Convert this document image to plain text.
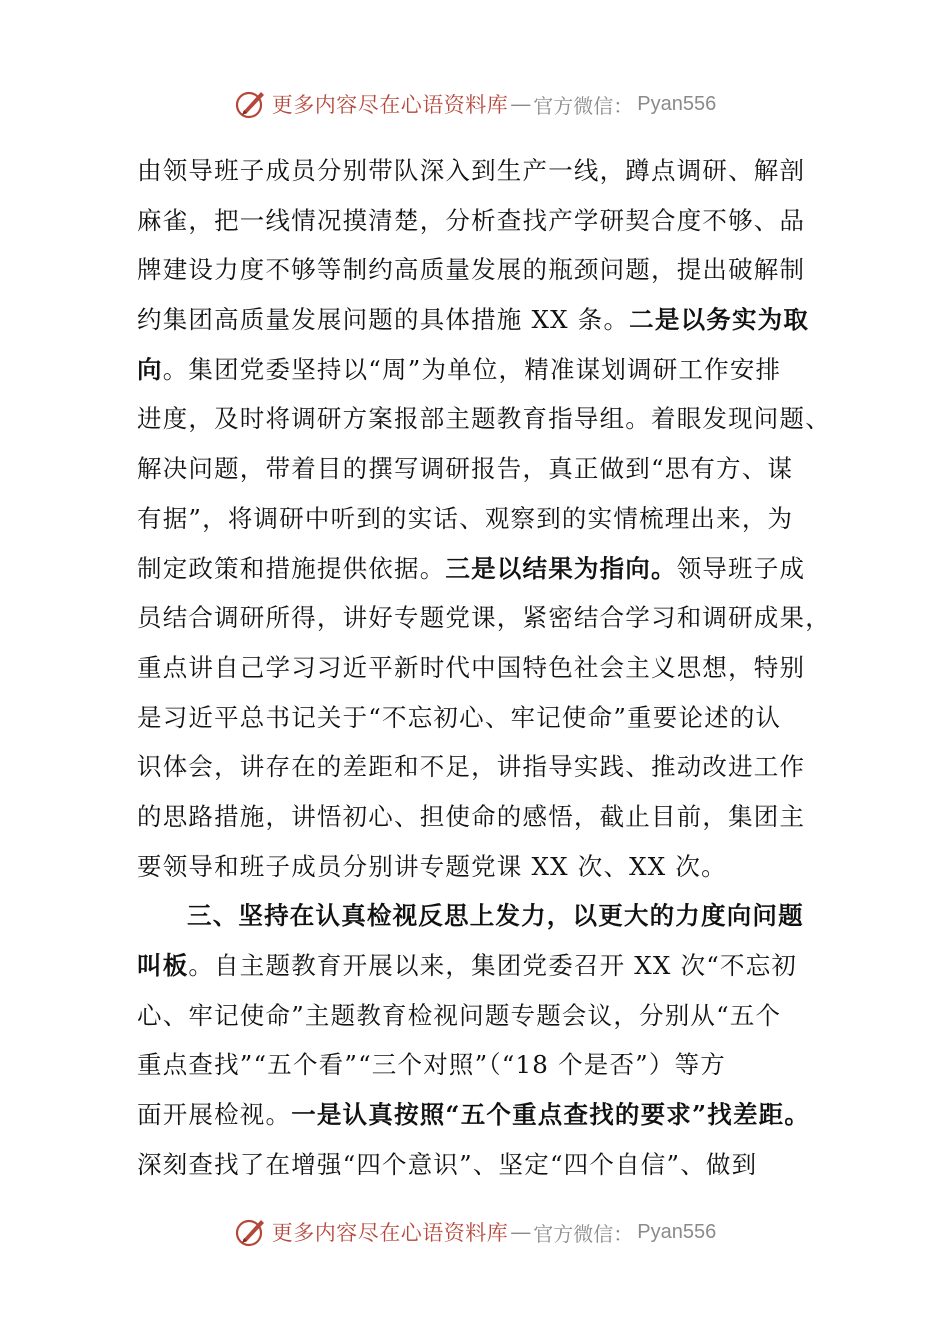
更多内容尽在心语资料库 — 官方微信： Pyan556
由领导班子成员分别带队深入到生产一线，蹲点调研、解剖
麻雀，把一线情况摸清楚，分析查找产学研契合度不够、品
牌建设力度不够等制约高质量发展的瓶颈问题，提出破解制
约集团高质量发展问题的具体措施 XX 条。二是以务实为取
向。集团党委坚持以“周”为单位，精准谋划调研工作安排
进度，及时将调研方案报部主题教育指导组。着眼发现问题、
解决问题，带着目的撰写调研报告，真正做到“思有方、谋
有据”，将调研中听到的实话、观察到的实情梳理出来，为
制定政策和措施提供依据。三是以结果为指向。领导班子成
员结合调研所得，讲好专题党课，紧密结合学习和调研成果，
重点讲自己学习习近平新时代中国特色社会主义思想，特别
是习近平总书记关于“不忘初心、牢记使命”重要论述的认
识体会，讲存在的差距和不足，讲指导实践、推动改进工作
的思路措施，讲悟初心、担使命的感悟，截止目前，集团主
要领导和班子成员分别讲专题党课 XX 次、XX 次。
三、坚持在认真检视反思上发力，以更大的力度向问题
叫板。自主题教育开展以来，集团党委召开 XX 次“不忘初
心、牢记使命”主题教育检视问题专题会议，分别从“五个
重点查找”“五个看”“三个对照”（“18 个是否”）等方
面开展检视。一是认真按照“五个重点查找的要求”找差距。
深刻查找了在增强“四个意识”、坚定“四个自信”、做到
更多内容尽在心语资料库 — 官方微信： Pyan556
